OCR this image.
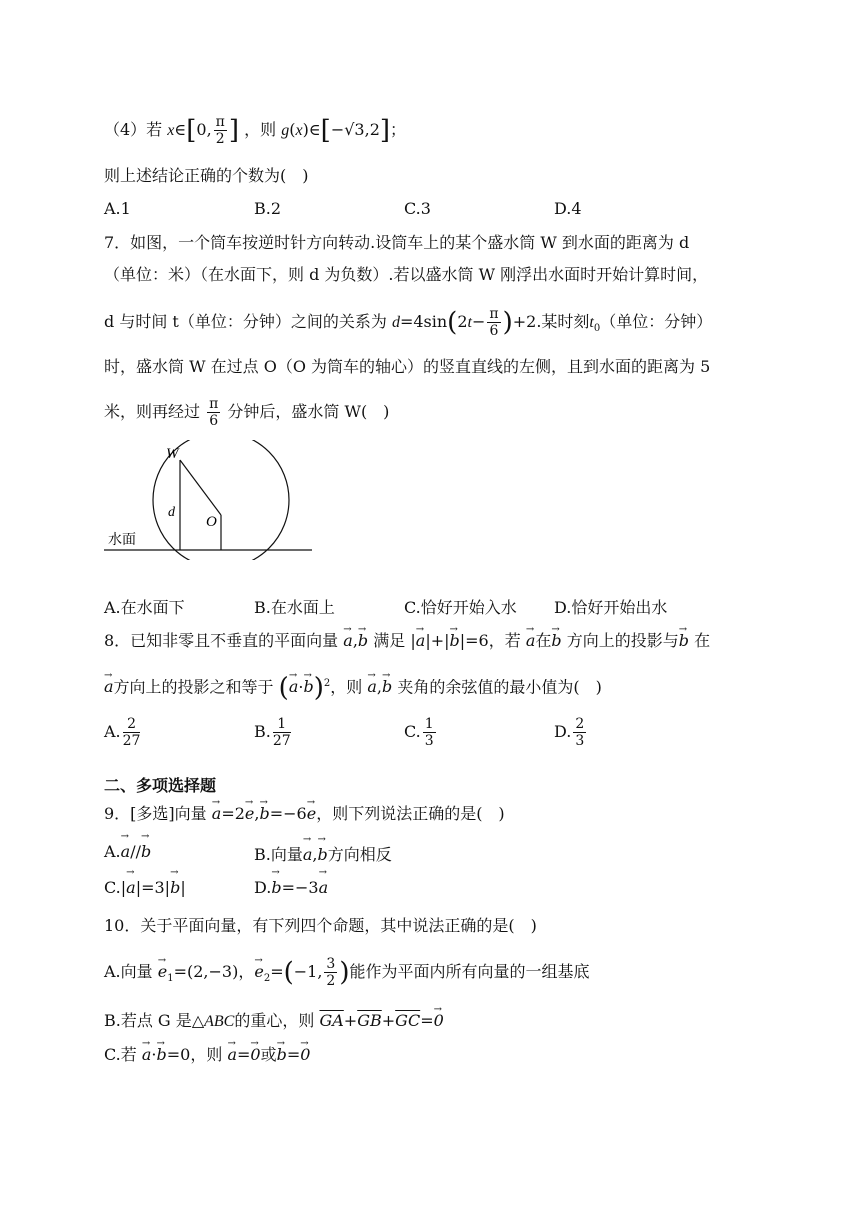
（4）若 x∈[0, $\frac{\pi}{2}$ ] ，则 g(x)∈[−√3,2]；
则上述结论正确的个数为(　)
A.1	B.2	C.3	D.4
7．如图，一个筒车按逆时针方向转动.设筒车上的某个盛水筒 W 到水面的距离为 d
（单位：米）（在水面下，则 d 为负数）.若以盛水筒 W 刚浮出水面时开始计算时间，
d 与时间 t（单位：分钟）之间的关系为 $d=4\sin(2t- \frac{\pi}{6} )+2$.某时刻$t_0$（单位：分钟）
时，盛水筒 W 在过点 O（O 为筒车的轴心）的竖直直线的左侧，且到水面的距离为 5
米，则再经过 $\frac{\pi}{6}$ 分钟后，盛水筒 W(　)
W
d
O
水面
A.在水面下	B.在水面上	C.恰好开始入水 D.恰好开始出水
8．已知非零且不垂直的平面向量 → a,→ b 满足 |→ a|+|→ b|=6，若 → a在→ b 方向上的投影与→ b 在
→ a方向上的投影之和等于 (→ a·→ b)$^2$，则 → a,→ b 夹角的余弦值的最小值为(　)
A. $\frac{2}{27}$	B. $\frac{1}{27}$	C. $\frac{1}{3}$	D. $\frac{2}{3}$
二、多项选择题
9．[多选]向量 → a=2→ e,→ b=−6→ e，则下列说法正确的是(　)
A.→ a//→ b	B.向量→ a,→ b方向相反
C.|→ a|=3|→ b|	D.→ b=−3→ a
10．关于平面向量，有下列四个命题，其中说法正确的是(　)
A.向量 → $e_1=(2,-3)$，→ $e_2=(-1$, $\frac{3}{2}$ )能作为平面内所有向量的一组基底
B.若点 G 是△ABC的重心，则 $\overline{GA}+\overline{GB}+\overline{GC}=\to 0$
C.若 → a·→ b=0，则 → a=→ 0或→ b=→ 0
